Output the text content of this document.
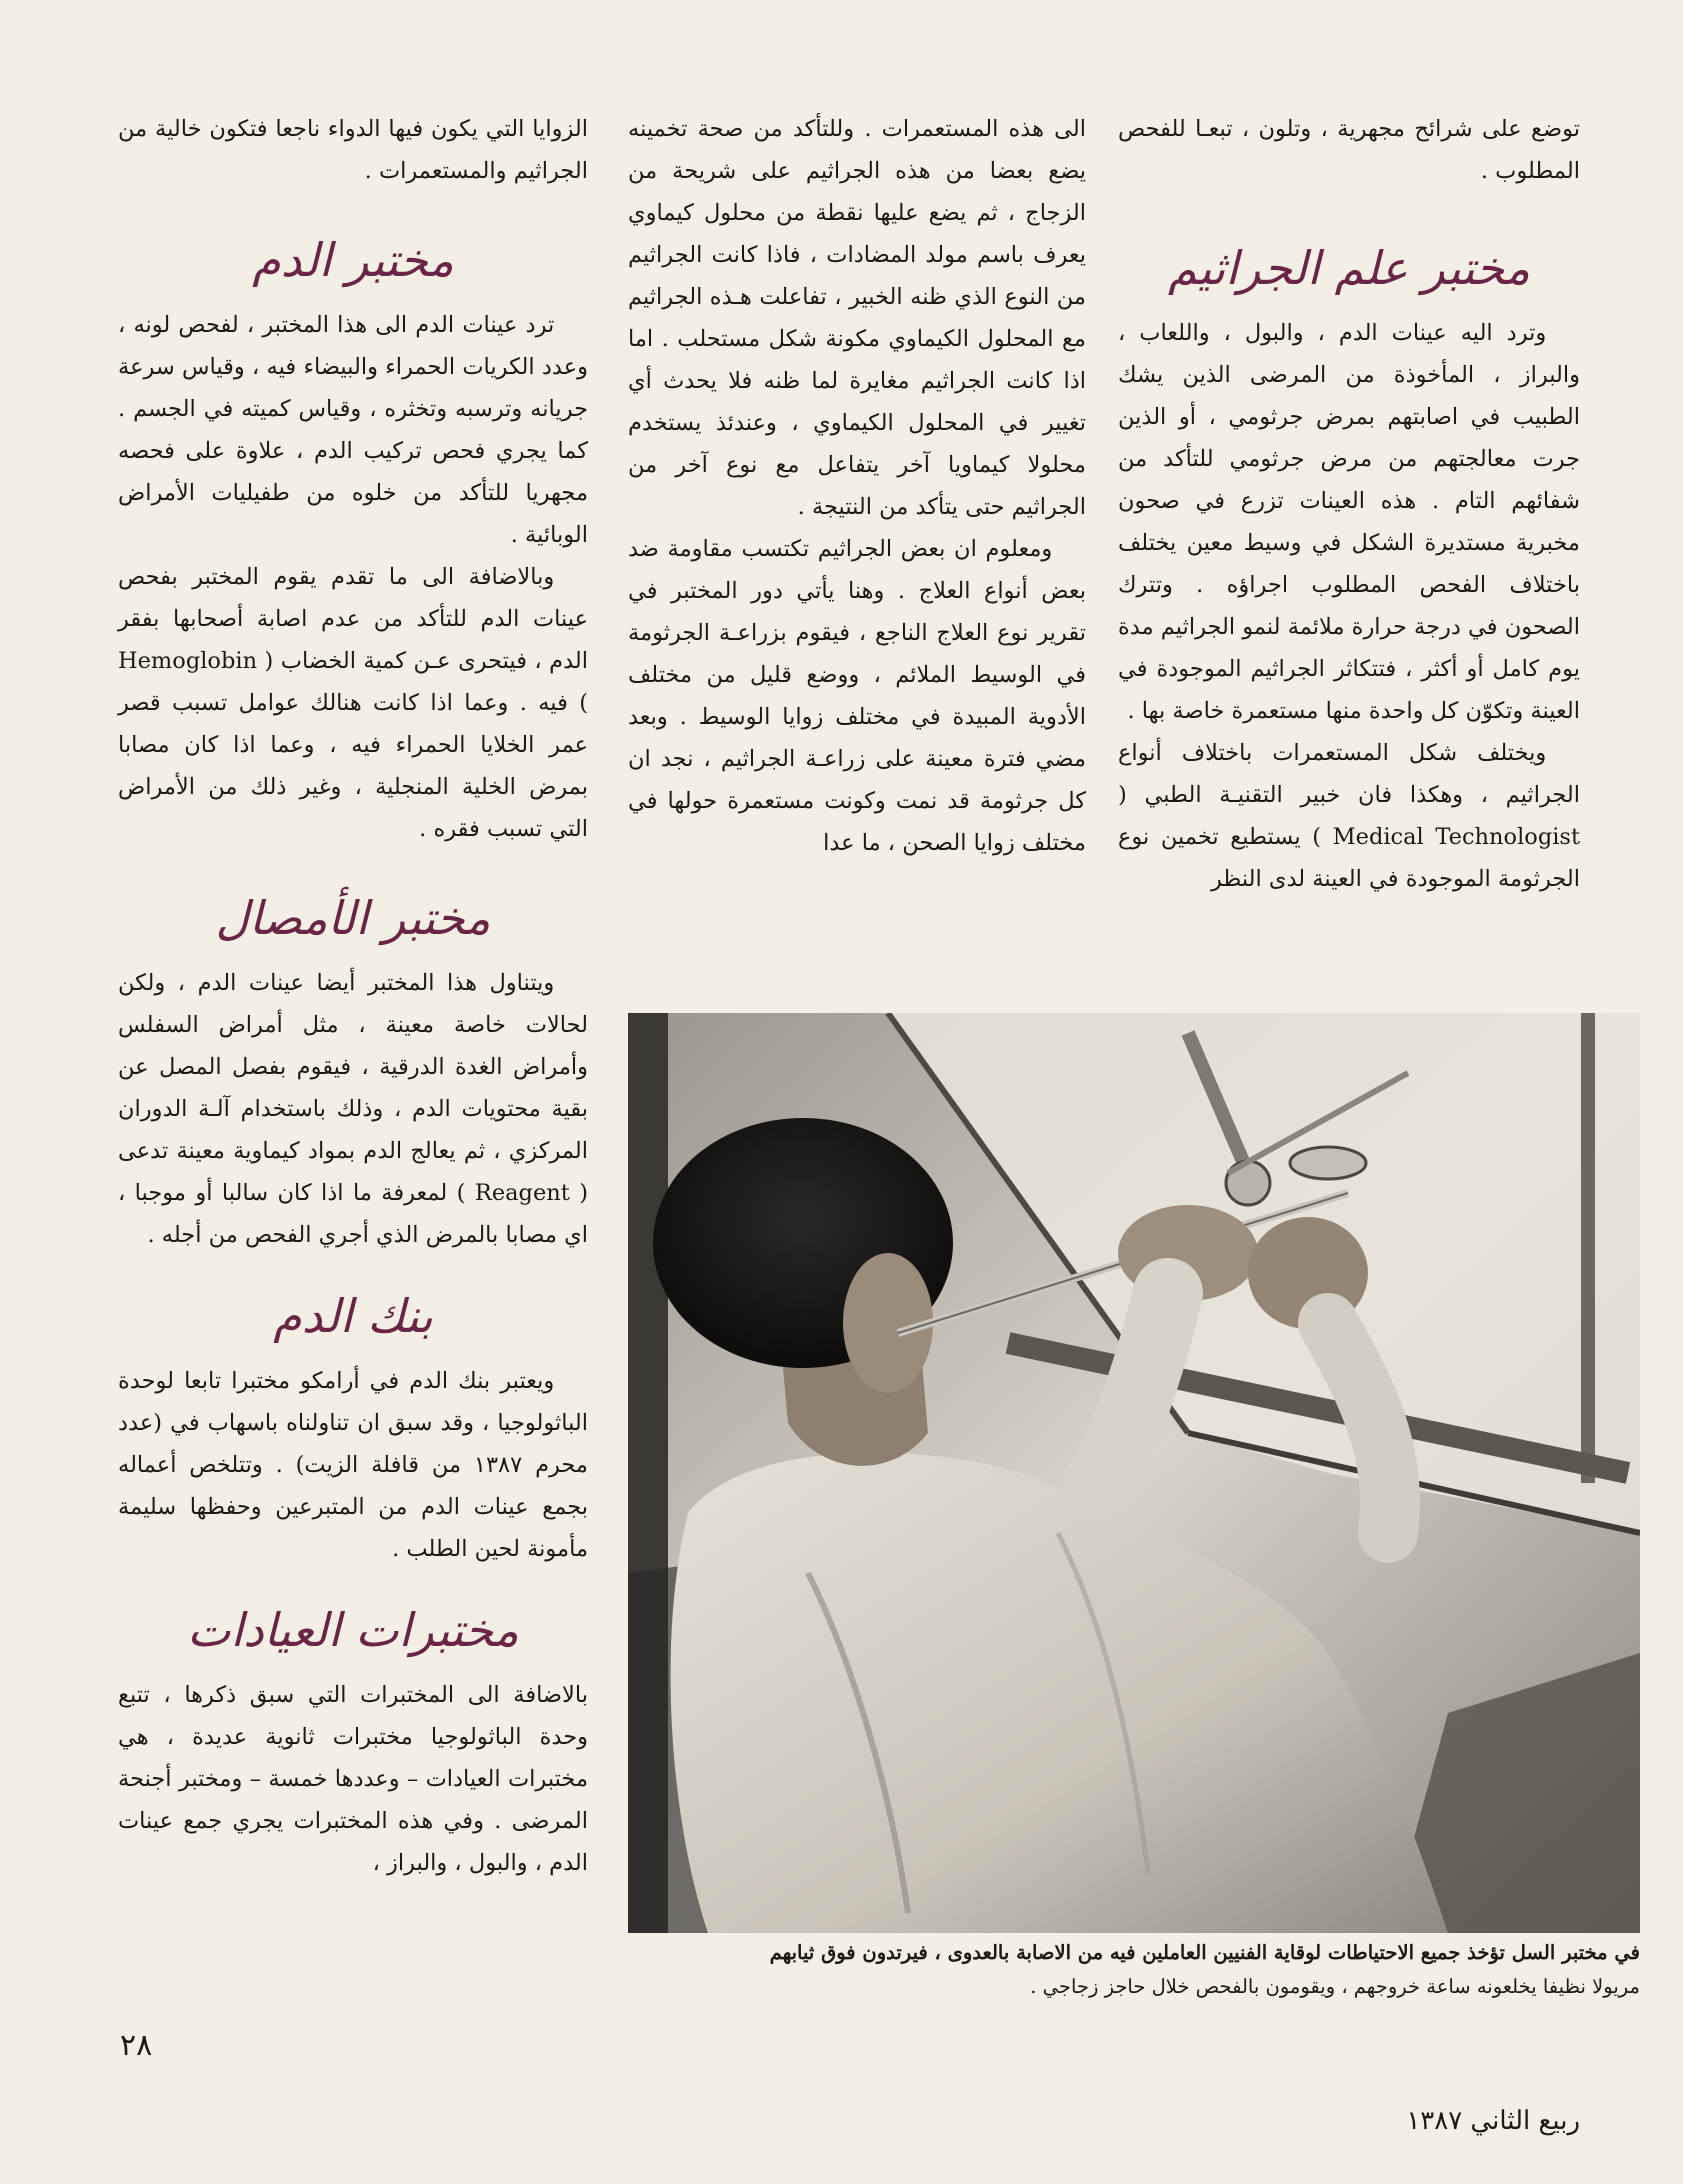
توضع على شرائح مجهرية ، وتلون ، تبعـا للفحص المطلوب .

مختبر علم الجراثيم

وترد اليه عينات الدم ، والبول ، واللعاب ، والبراز ، المأخوذة من المرضى الذين يشك الطبيب في اصابتهم بمرض جرثومي ، أو الذين جرت معالجتهم من مرض جرثومي للتأكد من شفائهم التام . هذه العينات تزرع في صحون مخبرية مستديرة الشكل في وسيط معين يختلف باختلاف الفحص المطلوب اجراؤه . وتترك الصحون في درجة حرارة ملائمة لنمو الجراثيم مدة يوم كامل أو أكثر ، فتتكاثر الجراثيم الموجودة في العينة وتكوّن كل واحدة منها مستعمرة خاصة بها .

ويختلف شكل المستعمرات باختلاف أنواع الجراثيم ، وهكذا فان خبير التقنيـة الطبي ( Medical Technologist ) يستطيع تخمين نوع الجرثومة الموجودة في العينة لدى النظر

الى هذه المستعمرات . وللتأكد من صحة تخمينه يضع بعضا من هذه الجراثيم على شريحة من الزجاج ، ثم يضع عليها نقطة من محلول كيماوي يعرف باسم مولد المضادات ، فاذا كانت الجراثيم من النوع الذي ظنه الخبير ، تفاعلت هـذه الجراثيم مع المحلول الكيماوي مكونة شكل مستحلب . اما اذا كانت الجراثيم مغايرة لما ظنه فلا يحدث أي تغيير في المحلول الكيماوي ، وعندئذ يستخدم محلولا كيماويا آخر يتفاعل مع نوع آخر من الجراثيم حتى يتأكد من النتيجة .

ومعلوم ان بعض الجراثيم تكتسب مقاومة ضد بعض أنواع العلاج . وهنا يأتي دور المختبر في تقرير نوع العلاج الناجع ، فيقوم بزراعـة الجرثومة في الوسيط الملائم ، ووضع قليل من مختلف الأدوية المبيدة في مختلف زوايا الوسيط . وبعد مضي فترة معينة على زراعـة الجراثيم ، نجد ان كل جرثومة قد نمت وكونت مستعمرة حولها في مختلف زوايا الصحن ، ما عدا

الزوايا التي يكون فيها الدواء ناجعا فتكون خالية من الجراثيم والمستعمرات .

مختبر الدم

ترد عينات الدم الى هذا المختبر ، لفحص لونه ، وعدد الكريات الحمراء والبيضاء فيه ، وقياس سرعة جريانه وترسبه وتخثره ، وقياس كميته في الجسم . كما يجري فحص تركيب الدم ، علاوة على فحصه مجهريا للتأكد من خلوه من طفيليات الأمراض الوبائية .

وبالاضافة الى ما تقدم يقوم المختبر بفحص عينات الدم للتأكد من عدم اصابة أصحابها بفقر الدم ، فيتحرى عـن كمية الخضاب ( Hemoglobin ) فيه . وعما اذا كانت هنالك عوامل تسبب قصر عمر الخلايا الحمراء فيه ، وعما اذا كان مصابا بمرض الخلية المنجلية ، وغير ذلك من الأمراض التي تسبب فقره .

مختبر الأمصال

ويتناول هذا المختبر أيضا عينات الدم ، ولكن لحالات خاصة معينة ، مثل أمراض السفلس وأمراض الغدة الدرقية ، فيقوم بفصل المصل عن بقية محتويات الدم ، وذلك باستخدام آلـة الدوران المركزي ، ثم يعالج الدم بمواد كيماوية معينة تدعى ( Reagent ) لمعرفة ما اذا كان سالبا أو موجبا ، اي مصابا بالمرض الذي أجري الفحص من أجله .

بنك الدم

ويعتبر بنك الدم في أرامكو مختبرا تابعا لوحدة الباثولوجيا ، وقد سبق ان تناولناه باسهاب في (عدد محرم ١٣٨٧ من قافلة الزيت) . وتتلخص أعماله بجمع عينات الدم من المتبرعين وحفظها سليمة مأمونة لحين الطلب .

مختبرات العيادات

بالاضافة الى المختبرات التي سبق ذكرها ، تتبع وحدة الباثولوجيا مختبرات ثانوية عديدة ، هي مختبرات العيادات – وعددها خمسة – ومختبر أجنحة المرضى . وفي هذه المختبرات يجري جمع عينات الدم ، والبول ، والبراز ،

في مختبر السل تؤخذ جميع الاحتياطات لوقاية الفنيين العاملين فيه من الاصابة بالعدوى ، فيرتدون فوق ثيابهم
مريولا نظيفا يخلعونه ساعة خروجهم ، ويقومون بالفحص خلال حاجز زجاجي .
٢٨
ربيع الثاني ١٣٨٧
